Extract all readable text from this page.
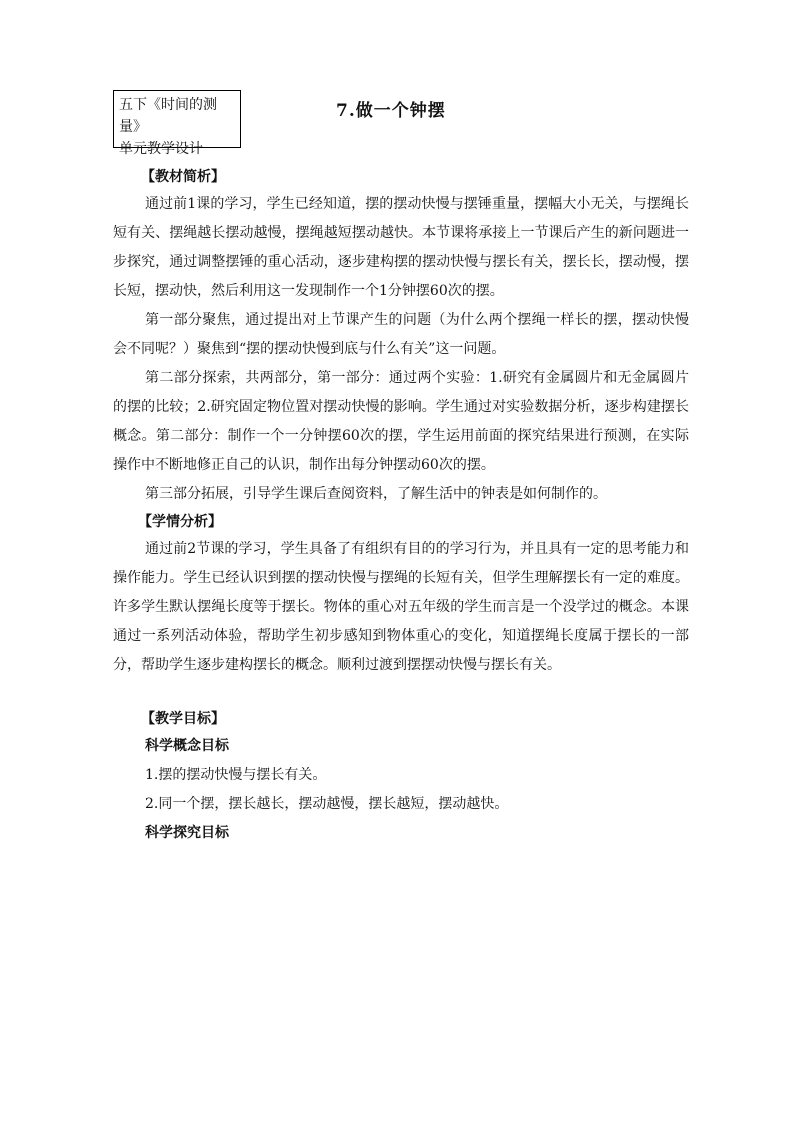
五下《时间的测量》
单元教学设计
7.做一个钟摆
【教材简析】

通过前1课的学习，学生已经知道，摆的摆动快慢与摆锤重量，摆幅大小无关，与摆绳长短有关、摆绳越长摆动越慢，摆绳越短摆动越快。本节课将承接上一节课后产生的新问题进一步探究，通过调整摆锤的重心活动，逐步建构摆的摆动快慢与摆长有关，摆长长，摆动慢，摆长短，摆动快，然后利用这一发现制作一个1分钟摆60次的摆。

第一部分聚焦，通过提出对上节课产生的问题（为什么两个摆绳一样长的摆，摆动快慢会不同呢？）聚焦到“摆的摆动快慢到底与什么有关”这一问题。

第二部分探索，共两部分，第一部分：通过两个实验：1.研究有金属圆片和无金属圆片的摆的比较；2.研究固定物位置对摆动快慢的影响。学生通过对实验数据分析，逐步构建摆长概念。第二部分：制作一个一分钟摆60次的摆，学生运用前面的探究结果进行预测，在实际操作中不断地修正自己的认识，制作出每分钟摆动60次的摆。

第三部分拓展，引导学生课后查阅资料，了解生活中的钟表是如何制作的。

【学情分析】

通过前2节课的学习，学生具备了有组织有目的的学习行为，并且具有一定的思考能力和操作能力。学生已经认识到摆的摆动快慢与摆绳的长短有关，但学生理解摆长有一定的难度。许多学生默认摆绳长度等于摆长。物体的重心对五年级的学生而言是一个没学过的概念。本课通过一系列活动体验，帮助学生初步感知到物体重心的变化，知道摆绳长度属于摆长的一部分，帮助学生逐步建构摆长的概念。顺利过渡到摆摆动快慢与摆长有关。

【教学目标】
科学概念目标
1.摆的摆动快慢与摆长有关。
2.同一个摆，摆长越长，摆动越慢，摆长越短，摆动越快。
科学探究目标
